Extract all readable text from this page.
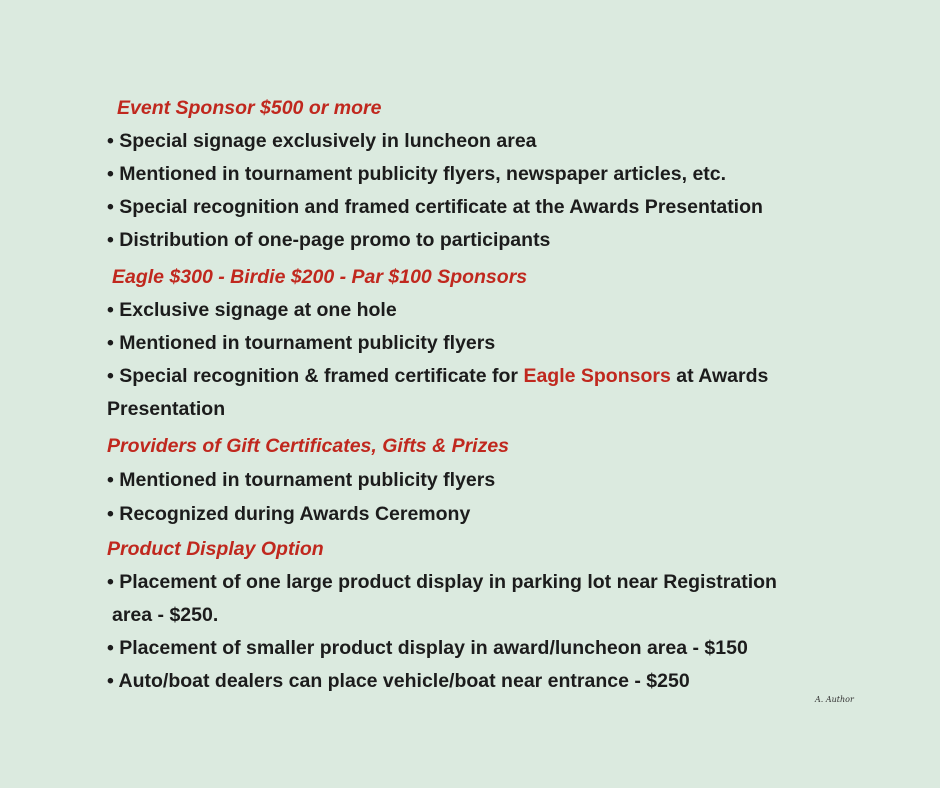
Event Sponsor $500 or more
• Special signage exclusively in luncheon area
• Mentioned in tournament publicity flyers, newspaper articles, etc.
• Special recognition and framed certificate at the Awards Presentation
• Distribution of one-page promo to participants
Eagle $300 - Birdie $200 - Par $100 Sponsors
• Exclusive signage at one hole
• Mentioned in tournament publicity flyers
• Special recognition & framed certificate for Eagle Sponsors at Awards
Presentation
Providers of Gift Certificates, Gifts & Prizes
• Mentioned in tournament publicity flyers
• Recognized during Awards Ceremony
Product Display Option
• Placement of one large product display in parking lot near Registration
area - $250.
• Placement of smaller product display in award/luncheon area - $150
• Auto/boat dealers can place vehicle/boat near entrance - $250
A. Author
